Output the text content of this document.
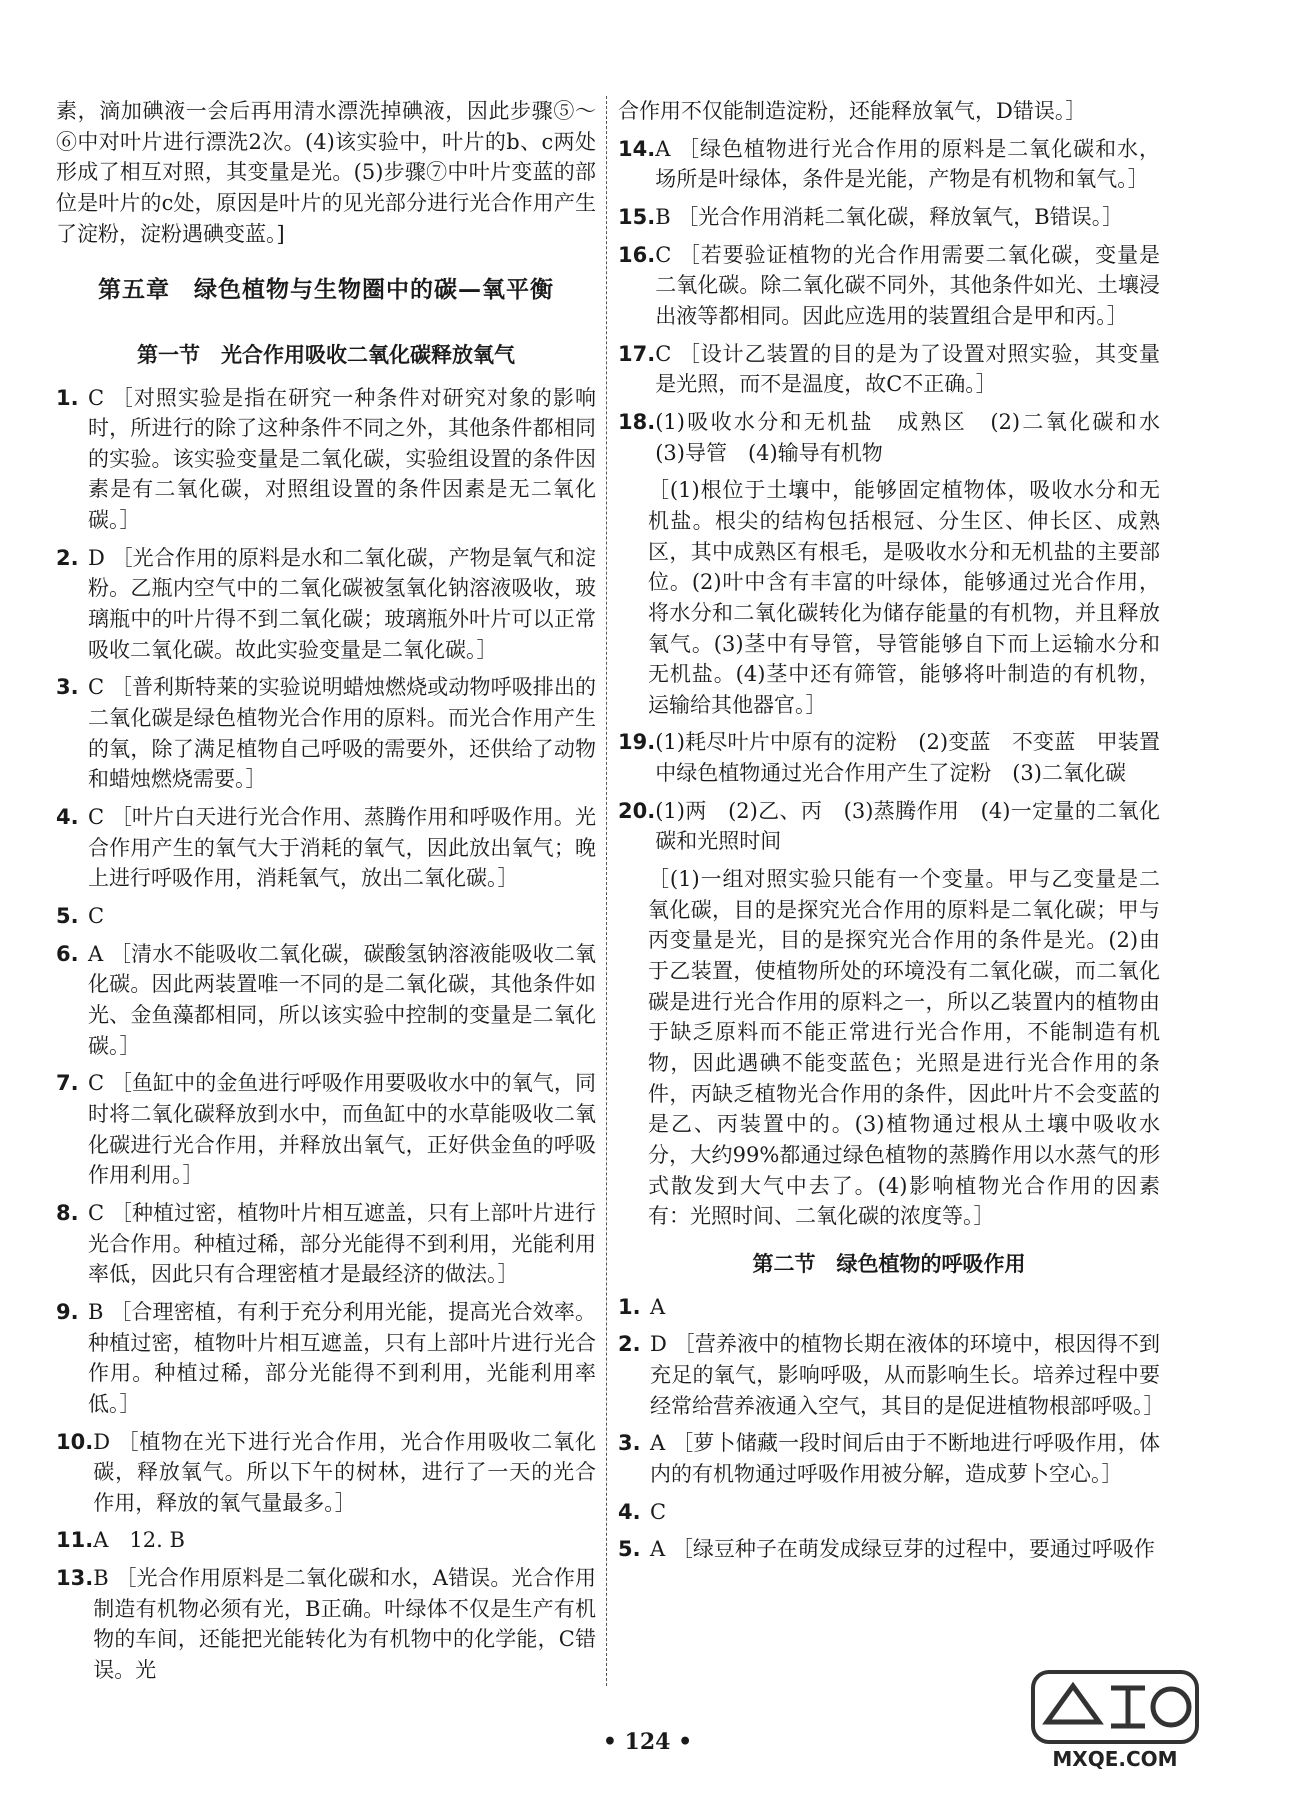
素，滴加碘液一会后再用清水漂洗掉碘液，因此步骤⑤～⑥中对叶片进行漂洗2次。(4)该实验中，叶片的b、c两处形成了相互对照，其变量是光。(5)步骤⑦中叶片变蓝的部位是叶片的c处，原因是叶片的见光部分进行光合作用产生了淀粉，淀粉遇碘变蓝。]

第五章　绿色植物与生物圈中的碳—氧平衡
第一节　光合作用吸收二氧化碳释放氧气
1. C ［对照实验是指在研究一种条件对研究对象的影响时，所进行的除了这种条件不同之外，其他条件都相同的实验。该实验变量是二氧化碳，实验组设置的条件因素是有二氧化碳，对照组设置的条件因素是无二氧化碳。］
2. D ［光合作用的原料是水和二氧化碳，产物是氧气和淀粉。乙瓶内空气中的二氧化碳被氢氧化钠溶液吸收，玻璃瓶中的叶片得不到二氧化碳；玻璃瓶外叶片可以正常吸收二氧化碳。故此实验变量是二氧化碳。］
3. C ［普利斯特莱的实验说明蜡烛燃烧或动物呼吸排出的二氧化碳是绿色植物光合作用的原料。而光合作用产生的氧，除了满足植物自己呼吸的需要外，还供给了动物和蜡烛燃烧需要。］
4. C ［叶片白天进行光合作用、蒸腾作用和呼吸作用。光合作用产生的氧气大于消耗的氧气，因此放出氧气；晚上进行呼吸作用，消耗氧气，放出二氧化碳。］
5. C
6. A ［清水不能吸收二氧化碳，碳酸氢钠溶液能吸收二氧化碳。因此两装置唯一不同的是二氧化碳，其他条件如光、金鱼藻都相同，所以该实验中控制的变量是二氧化碳。］
7. C ［鱼缸中的金鱼进行呼吸作用要吸收水中的氧气，同时将二氧化碳释放到水中，而鱼缸中的水草能吸收二氧化碳进行光合作用，并释放出氧气，正好供金鱼的呼吸作用利用。］
8. C ［种植过密，植物叶片相互遮盖，只有上部叶片进行光合作用。种植过稀，部分光能得不到利用，光能利用率低，因此只有合理密植才是最经济的做法。］
9. B ［合理密植，有利于充分利用光能，提高光合效率。种植过密，植物叶片相互遮盖，只有上部叶片进行光合作用。种植过稀，部分光能得不到利用，光能利用率低。］
10. D ［植物在光下进行光合作用，光合作用吸收二氧化碳，释放氧气。所以下午的树林，进行了一天的光合作用，释放的氧气量最多。］
11. A　12. B
13. B ［光合作用原料是二氧化碳和水，A错误。光合作用制造有机物必须有光，B正确。叶绿体不仅是生产有机物的车间，还能把光能转化为有机物中的化学能，C错误。光

合作用不仅能制造淀粉，还能释放氧气，D错误。］

14. A ［绿色植物进行光合作用的原料是二氧化碳和水，场所是叶绿体，条件是光能，产物是有机物和氧气。］
15. B ［光合作用消耗二氧化碳，释放氧气，B错误。］
16. C ［若要验证植物的光合作用需要二氧化碳，变量是二氧化碳。除二氧化碳不同外，其他条件如光、土壤浸出液等都相同。因此应选用的装置组合是甲和丙。］
17. C ［设计乙装置的目的是为了设置对照实验，其变量是光照，而不是温度，故C不正确。］
18. (1)吸收水分和无机盐　成熟区　(2)二氧化碳和水　(3)导管　(4)输导有机物

［(1)根位于土壤中，能够固定植物体，吸收水分和无机盐。根尖的结构包括根冠、分生区、伸长区、成熟区，其中成熟区有根毛，是吸收水分和无机盐的主要部位。(2)叶中含有丰富的叶绿体，能够通过光合作用，将水分和二氧化碳转化为储存能量的有机物，并且释放氧气。(3)茎中有导管，导管能够自下而上运输水分和无机盐。(4)茎中还有筛管，能够将叶制造的有机物，运输给其他器官。］

19. (1)耗尽叶片中原有的淀粉　(2)变蓝　不变蓝　甲装置中绿色植物通过光合作用产生了淀粉　(3)二氧化碳
20. (1)两　(2)乙、丙　(3)蒸腾作用　(4)一定量的二氧化碳和光照时间

［(1)一组对照实验只能有一个变量。甲与乙变量是二氧化碳，目的是探究光合作用的原料是二氧化碳；甲与丙变量是光，目的是探究光合作用的条件是光。(2)由于乙装置，使植物所处的环境没有二氧化碳，而二氧化碳是进行光合作用的原料之一，所以乙装置内的植物由于缺乏原料而不能正常进行光合作用，不能制造有机物，因此遇碘不能变蓝色；光照是进行光合作用的条件，丙缺乏植物光合作用的条件，因此叶片不会变蓝的是乙、丙装置中的。(3)植物通过根从土壤中吸收水分，大约99%都通过绿色植物的蒸腾作用以水蒸气的形式散发到大气中去了。(4)影响植物光合作用的因素有：光照时间、二氧化碳的浓度等。］

第二节　绿色植物的呼吸作用
1. A
2. D ［营养液中的植物长期在液体的环境中，根因得不到充足的氧气，影响呼吸，从而影响生长。培养过程中要经常给营养液通入空气，其目的是促进植物根部呼吸。］
3. A ［萝卜储藏一段时间后由于不断地进行呼吸作用，体内的有机物通过呼吸作用被分解，造成萝卜空心。］
4. C
5. A ［绿豆种子在萌发成绿豆芽的过程中，要通过呼吸作
• 124 •
MXQE.COM
